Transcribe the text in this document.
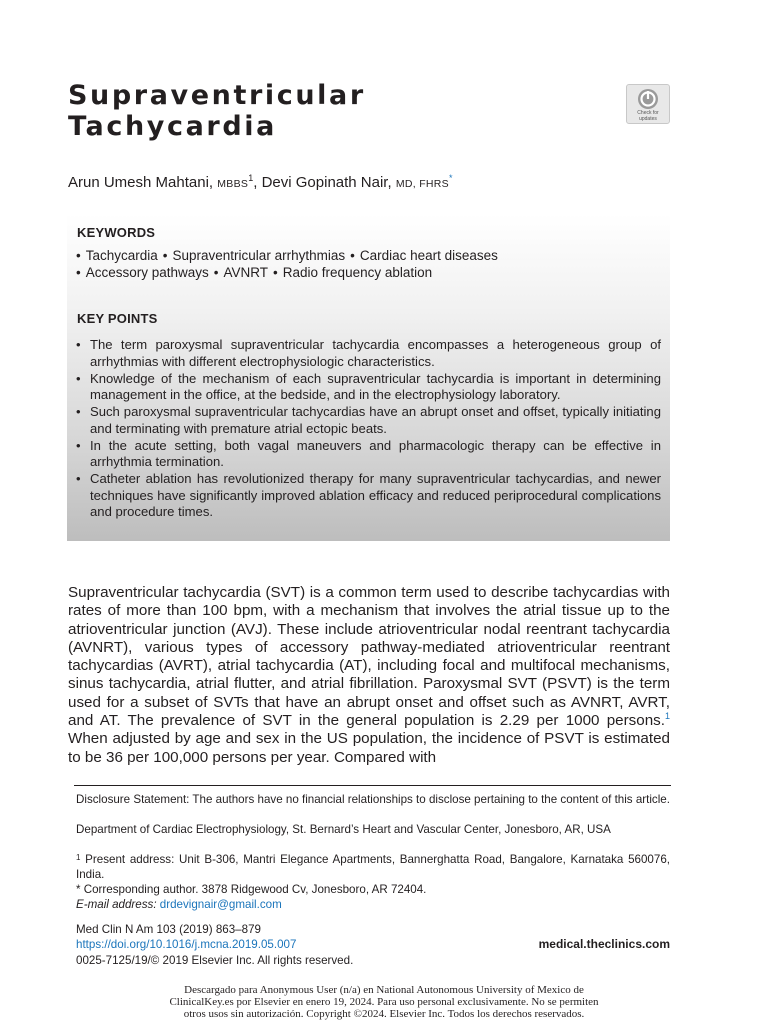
Supraventricular
Tachycardia	Check for updates
Arun Umesh Mahtani, MBBS$^1$, Devi Gopinath Nair, MD, FHRS*
KEYWORDS
• Tachycardia • Supraventricular arrhythmias • Cardiac heart diseases
• Accessory pathways • AVNRT • Radio frequency ablation
KEY POINTS
• The term paroxysmal supraventricular tachycardia encompasses a heterogeneous group of arrhythmias with different electrophysiologic characteristics.
• Knowledge of the mechanism of each supraventricular tachycardia is important in determining management in the office, at the bedside, and in the electrophysiology laboratory.
• Such paroxysmal supraventricular tachycardias have an abrupt onset and offset, typically initiating and terminating with premature atrial ectopic beats.
• In the acute setting, both vagal maneuvers and pharmacologic therapy can be effective in arrhythmia termination.
• Catheter ablation has revolutionized therapy for many supraventricular tachycardias, and newer techniques have significantly improved ablation efficacy and reduced periprocedural complications and procedure times.

Supraventricular tachycardia (SVT) is a common term used to describe tachycardias with rates of more than 100 bpm, with a mechanism that involves the atrial tissue up to the atrioventricular junction (AVJ). These include atrioventricular nodal reentrant tachycardia (AVNRT), various types of accessory pathway-mediated atrioventricular reentrant tachycardias (AVRT), atrial tachycardia (AT), including focal and multifocal mechanisms, sinus tachycardia, atrial flutter, and atrial fibrillation. Paroxysmal SVT (PSVT) is the term used for a subset of SVTs that have an abrupt onset and offset such as AVNRT, AVRT, and AT. The prevalence of SVT in the general population is 2.29 per 1000 persons.$^1$ When adjusted by age and sex in the US population, the incidence of PSVT is estimated to be 36 per 100,000 persons per year. Compared with

Disclosure Statement: The authors have no financial relationships to disclose pertaining to the content of this article.

Department of Cardiac Electrophysiology, St. Bernard’s Heart and Vascular Center, Jonesboro, AR, USA

$^1$ Present address: Unit B-306, Mantri Elegance Apartments, Bannerghatta Road, Bangalore, Karnataka 560076, India.

* Corresponding author. 3878 Ridgewood Cv, Jonesboro, AR 72404.

E-mail address: drdevignair@gmail.com

Med Clin N Am 103 (2019) 863–879
https://doi.org/10.1016/j.mcna.2019.05.007
0025-7125/19/© 2019 Elsevier Inc. All rights reserved.
medical.theclinics.com
Descargado para Anonymous User (n/a) en National Autonomous University of Mexico de
ClinicalKey.es por Elsevier en enero 19, 2024. Para uso personal exclusivamente. No se permiten
otros usos sin autorización. Copyright ©2024. Elsevier Inc. Todos los derechos reservados.
